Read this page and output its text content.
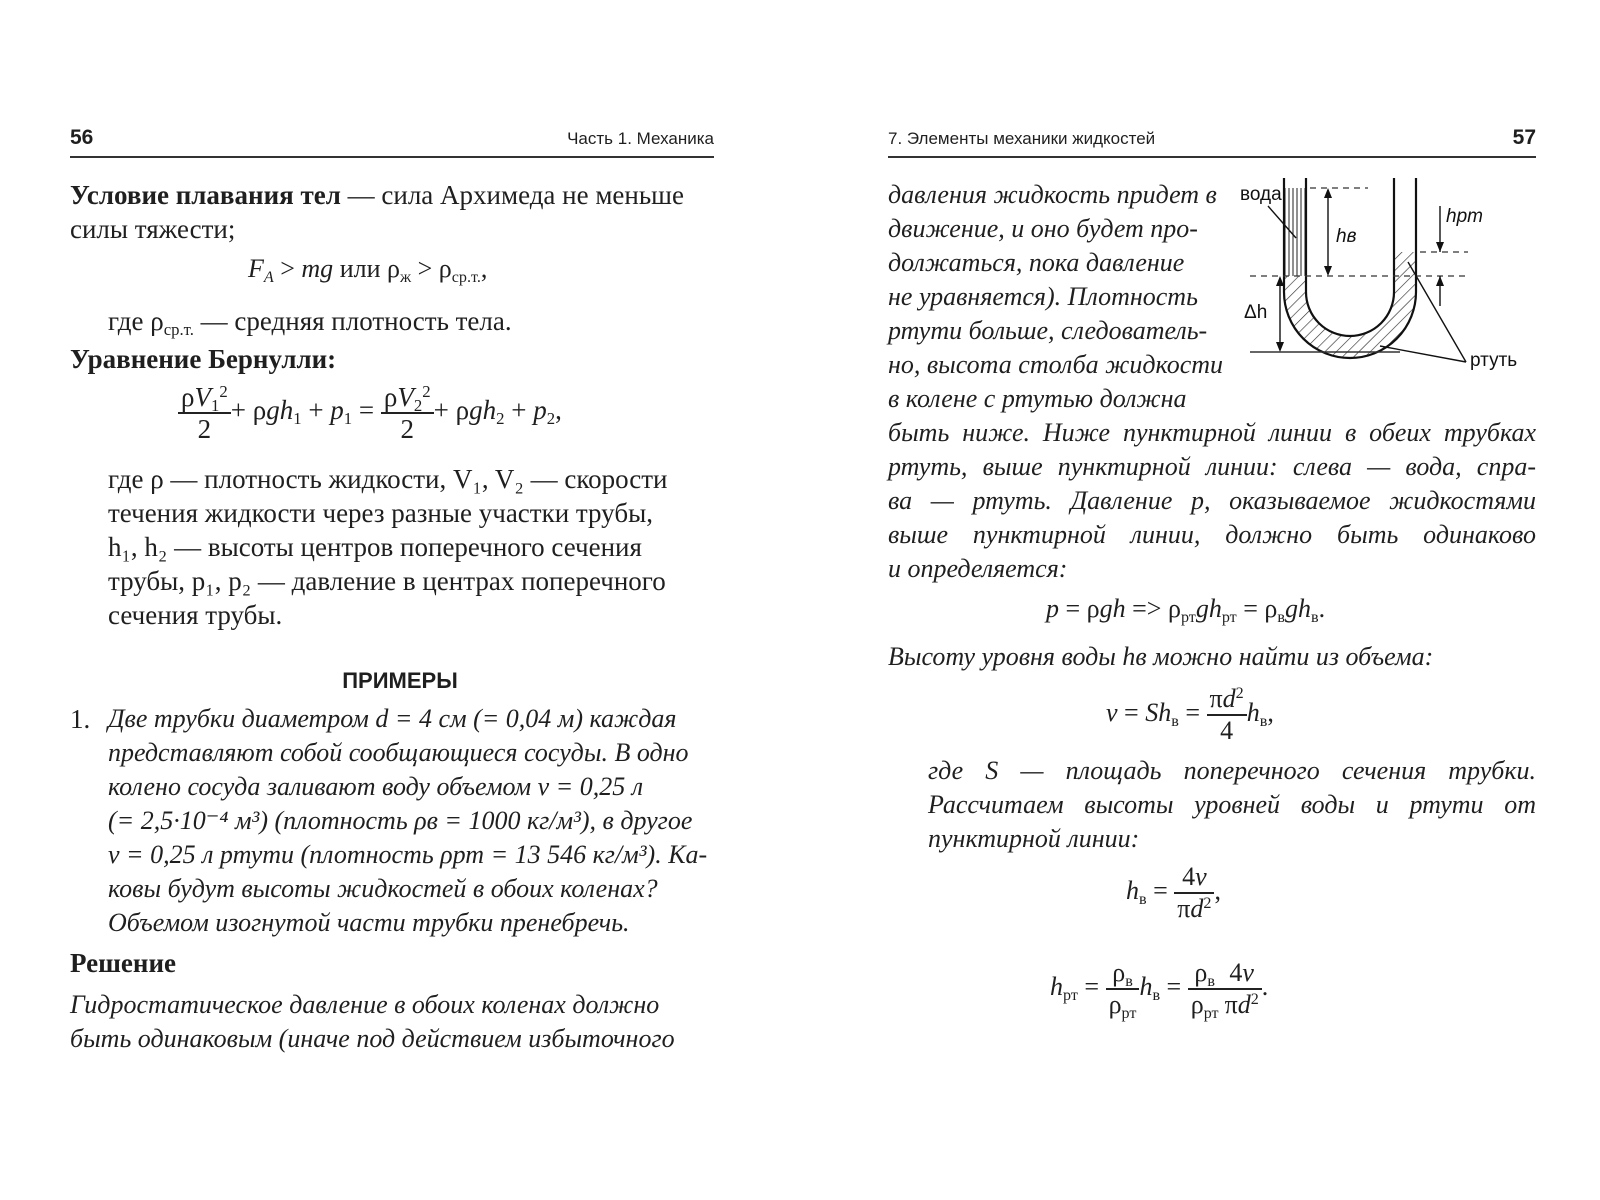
56	Часть 1. Механика

Условие плавания тел — сила Архимеда не меньше

силы тяжести;

$F_A$ > mg или $\rho_ж > \rho_{ср.т.}$,

где $\rho_{ср.т.}$ — средняя плотность тела.

Уравнение Бернулли:

$\frac{\rho V_1^2}{2} + \rho gh_1 + p_1 = \frac{\rho V_2^2}{2} + \rho gh_2 + p_2$,

где ρ — плотность жидкости, V₁, V₂ — скорости

течения жидкости через разные участки трубы,

h₁, h₂ — высоты центров поперечного сечения

трубы, p₁, p₂ — давление в центрах поперечного

сечения трубы.

ПРИМЕРЫ

1. Две трубки диаметром d = 4 см (= 0,04 м) каждая

представляют собой сообщающиеся сосуды. В одно

колено сосуда заливают воду объемом v = 0,25 л

(= 2,5·10⁻⁴ м³) (плотность ρв = 1000 кг/м³), в другое

v = 0,25 л ртути (плотность ρрт = 13 546 кг/м³). Ка-

ковы будут высоты жидкостей в обоих коленах?

Объемом изогнутой части трубки пренебречь.

Решение

Гидростатическое давление в обоих коленах должно

быть одинаковым (иначе под действием избыточного

7. Элементы механики жидкостей	57

давления жидкость придет в

движение, и оно будет про-

должаться, пока давление

не уравняется). Плотность

ртути больше, следователь-

но, высота столба жидкости

в колене с ртутью должна

вода
ртуть
hв
hрт
Δh

быть ниже. Ниже пунктирной линии в обеих трубках

ртуть, выше пунктирной линии: слева — вода, спра-

ва — ртуть. Давление p, оказываемое жидкостями

выше пунктирной линии, должно быть одинаково

и определяется:

$p = \rho gh => \rho_{рт}gh_{рт} = \rho_вgh_в$.

Высоту уровня воды hв можно найти из объема:

$v = Sh_в = \frac{\pi d^2}{4} h_в$,

где S — площадь поперечного сечения трубки.

Рассчитаем высоты уровней воды и ртути от

пунктирной линии:

$h_в = \frac{4v}{\pi d^2}$ ,
$h_{рт} = \frac{\rho_в}{\rho_{рт}} h_в = \frac{\rho_в}{\rho_{рт}} \frac{4v}{\pi d^2}$ .
